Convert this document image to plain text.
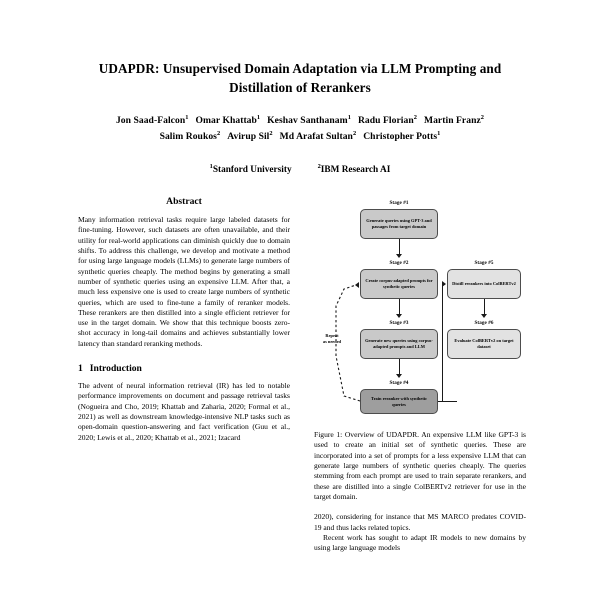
UDAPDR: Unsupervised Domain Adaptation via LLM Prompting and
Distillation of Rerankers
Jon Saad-Falcon$^1$ Omar Khattab$^1$ Keshav Santhanam$^1$ Radu Florian$^2$ Martin Franz$^2$
Salim Roukos$^2$ Avirup Sil$^2$ Md Arafat Sultan$^2$ Christopher Potts$^1$
$^1$Stanford University	$^2$IBM Research AI
Abstract

Many information retrieval tasks require large labeled datasets for fine-tuning. However, such datasets are often unavailable, and their utility for real-world applications can diminish quickly due to domain shifts. To address this challenge, we develop and motivate a method for using large language models (LLMs) to generate large numbers of synthetic queries cheaply. The method begins by generating a small number of synthetic queries using an expensive LLM. After that, a much less expensive one is used to create large numbers of synthetic queries, which are used to fine-tune a family of reranker models. These rerankers are then distilled into a single efficient retriever for use in the target domain. We show that this technique boosts zero-shot accuracy in long-tail domains and achieves substantially lower latency than standard reranking methods.

1 Introduction

The advent of neural information retrieval (IR) has led to notable performance improvements on document and passage retrieval tasks (Nogueira and Cho, 2019; Khattab and Zaharia, 2020; Formal et al., 2021) as well as downstream knowledge-intensive NLP tasks such as open-domain question-answering and fact verification (Guu et al., 2020; Lewis et al., 2020; Khattab et al., 2021; Izacard

Stage #1
Generate queries using GPT-3 and passages from target domain
Stage #2
Create corpus-adapted prompts for synthetic queries
Stage #3
Generate new queries using corpus-adapted prompts and LLM
Stage #4
Train reranker with synthetic queries
Stage #5
Distill rerankers into ColBERTv2
Stage #6
Evaluate ColBERTv2 on target dataset
Repeat
as needed

Figure 1: Overview of UDAPDR. An expensive LLM like GPT-3 is used to create an initial set of synthetic queries. These are incorporated into a set of prompts for a less expensive LLM that can generate large numbers of synthetic queries cheaply. The queries stemming from each prompt are used to train separate rerankers, and these are distilled into a single ColBERTv2 retriever for use in the target domain.

2020), considering for instance that MS MARCO predates COVID-19 and thus lacks related topics.

Recent work has sought to adapt IR models to new domains by using large language models
